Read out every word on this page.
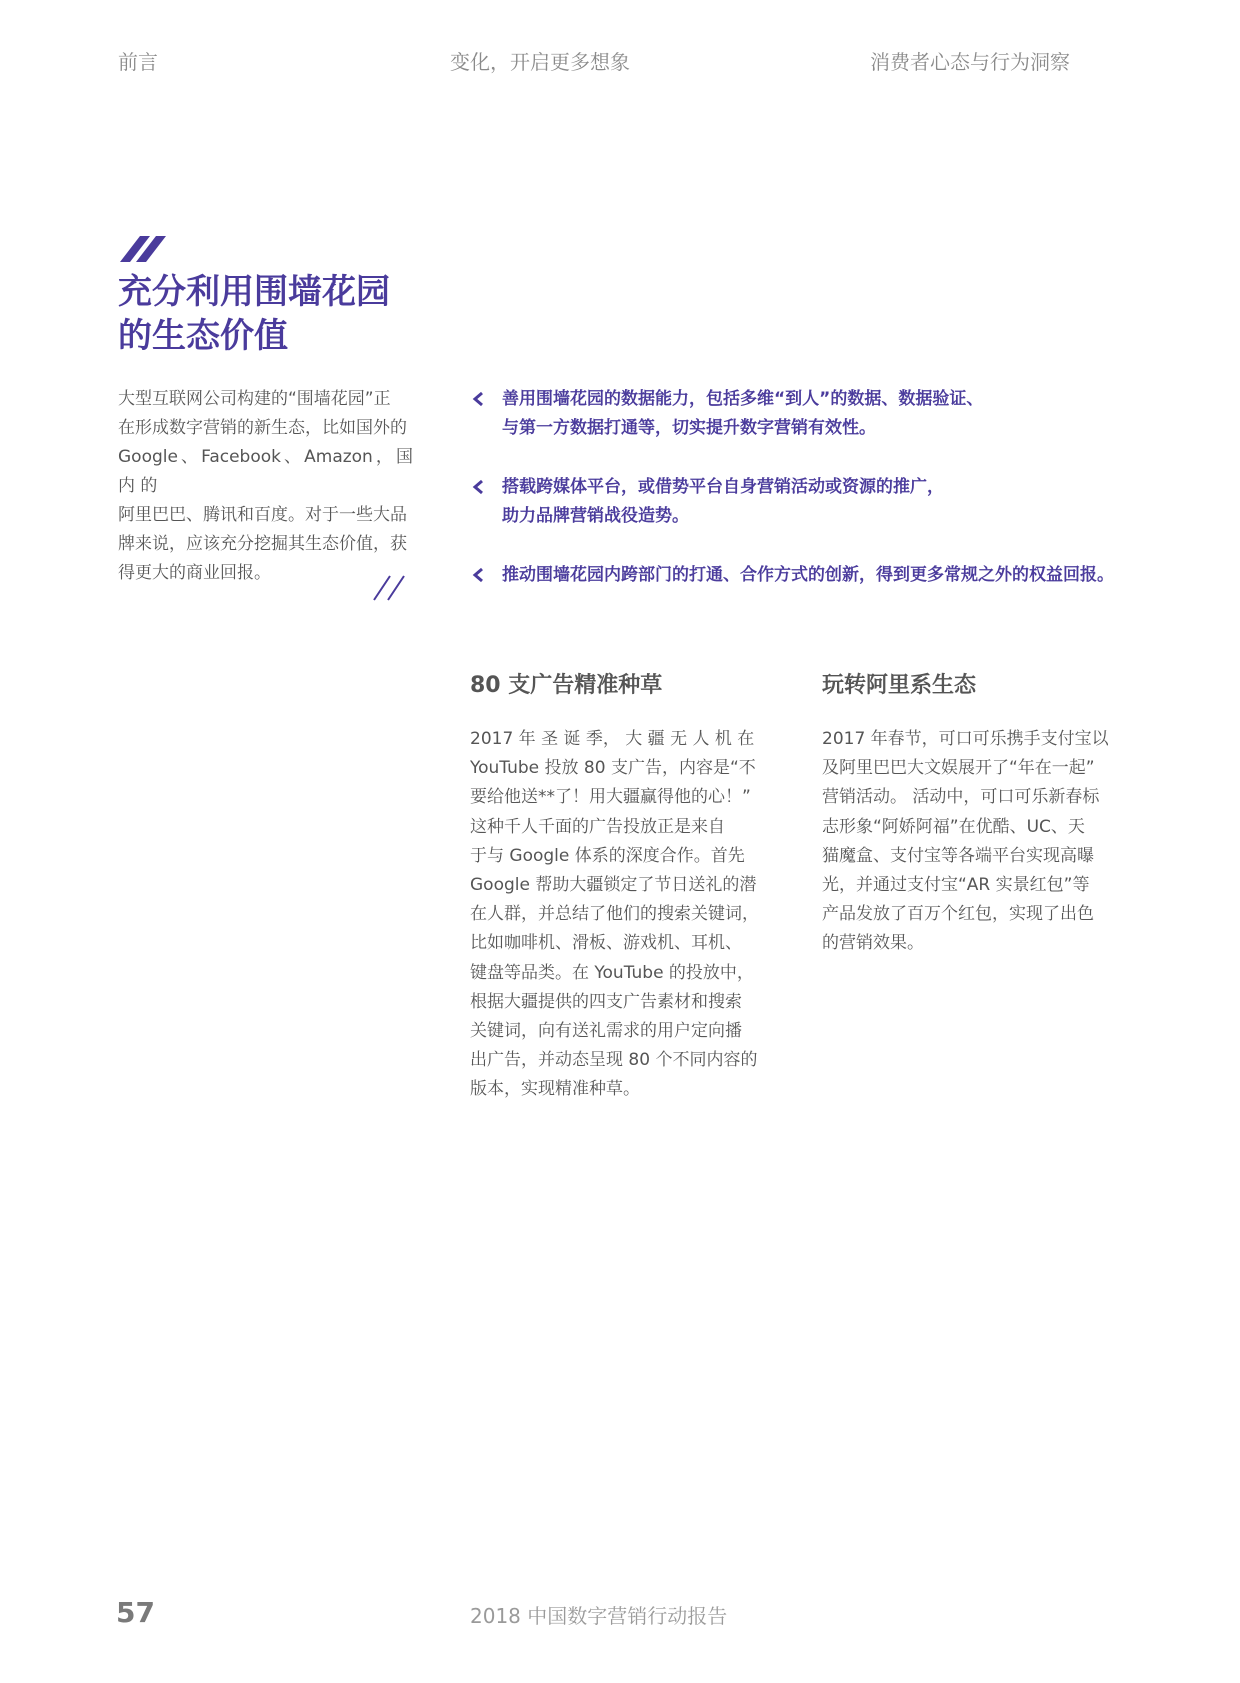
前言	变化，开启更多想象	消费者心态与行为洞察
充分利用围墙花园
的生态价值
大型互联网公司构建的“围墙花园”正
在形成数字营销的新生态，比如国外的
Google、Facebook、Amazon，国 内 的
阿里巴巴、腾讯和百度。对于一些大品
牌来说，应该充分挖掘其生态价值，获
得更大的商业回报。
善用围墙花园的数据能力，包括多维“到人”的数据、数据验证、
与第一方数据打通等，切实提升数字营销有效性。
搭载跨媒体平台，或借势平台自身营销活动或资源的推广，
助力品牌营销战役造势。
推动围墙花园内跨部门的打通、合作方式的创新，得到更多常规之外的权益回报。
80 支广告精准种草
2017 年 圣 诞 季， 大 疆 无 人 机 在
YouTube 投放 80 支广告，内容是“不
要给他送**了！用大疆赢得他的心！”
这种千人千面的广告投放正是来自
于与 Google 体系的深度合作。首先
Google 帮助大疆锁定了节日送礼的潜
在人群，并总结了他们的搜索关键词，
比如咖啡机、滑板、游戏机、耳机、
键盘等品类。在 YouTube 的投放中，
根据大疆提供的四支广告素材和搜索
关键词，向有送礼需求的用户定向播
出广告，并动态呈现 80 个不同内容的
版本，实现精准种草。
玩转阿里系生态
2017 年春节，可口可乐携手支付宝以
及阿里巴巴大文娱展开了“年在一起”
营销活动。 活动中，可口可乐新春标
志形象“阿娇阿福”在优酷、UC、天
猫魔盒、支付宝等各端平台实现高曝
光，并通过支付宝“AR 实景红包”等
产品发放了百万个红包，实现了出色
的营销效果。
57	2018 中国数字营销行动报告
